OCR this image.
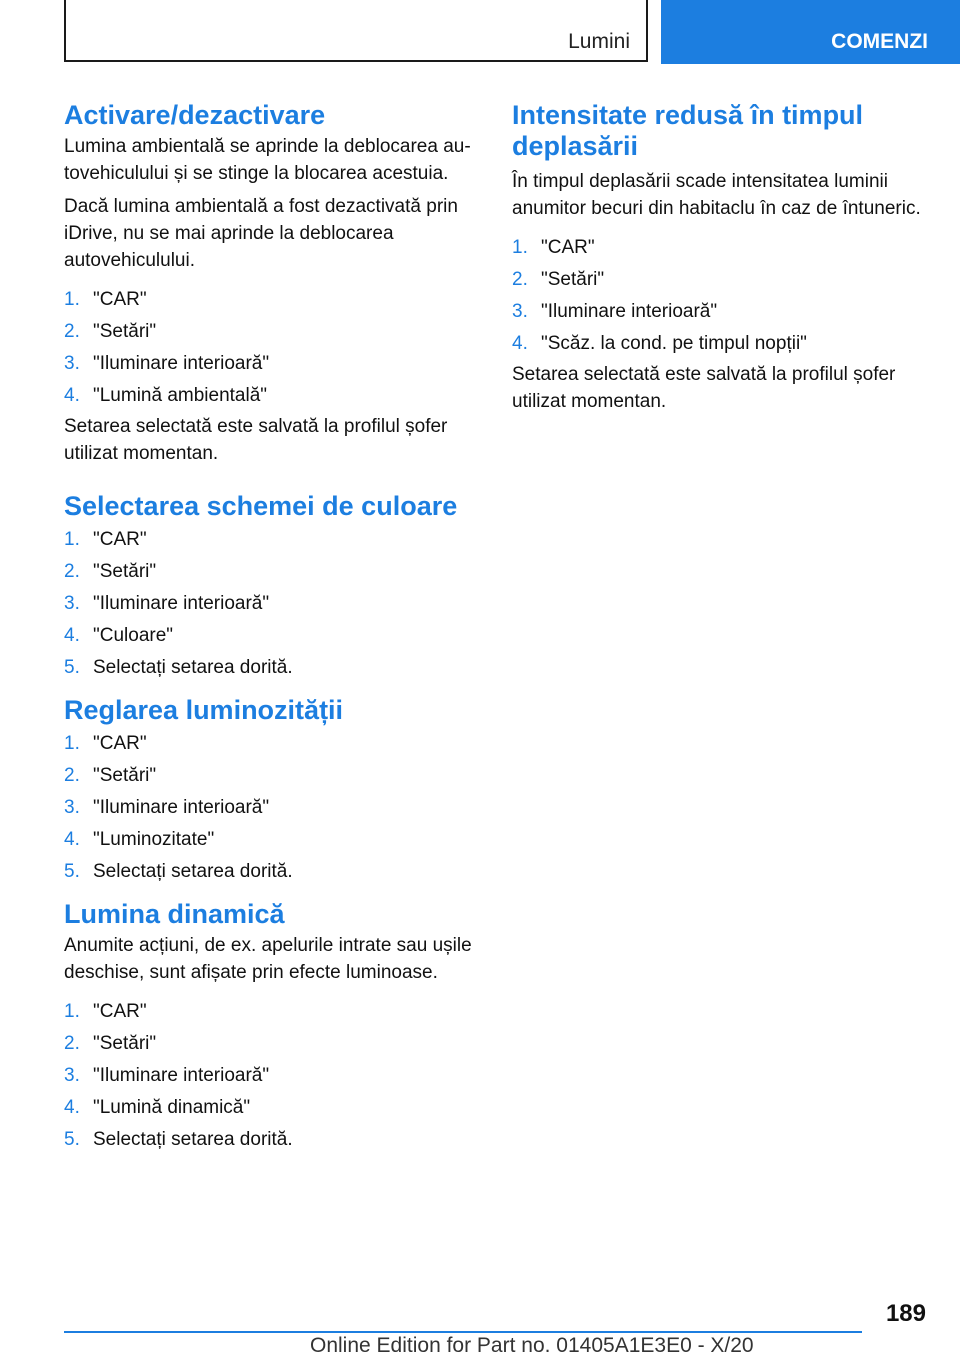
Lumini	COMENZI
Activare/dezactivare

Lumina ambientală se aprinde la deblocarea autovehiculului și se stinge la blocarea acestuia.

Dacă lumina ambientală a fost dezactivată prin iDrive, nu se mai aprinde la deblocarea autovehiculului.

1. "CAR"
2. "Setări"
3. "Iluminare interioară"
4. "Lumină ambientală"

Setarea selectată este salvată la profilul șofer utilizat momentan.

Selectarea schemei de culoare
1. "CAR"
2. "Setări"
3. "Iluminare interioară"
4. "Culoare"
5. Selectați setarea dorită.
Reglarea luminozității
1. "CAR"
2. "Setări"
3. "Iluminare interioară"
4. "Luminozitate"
5. Selectați setarea dorită.
Lumina dinamică

Anumite acțiuni, de ex. apelurile intrate sau ușile deschise, sunt afișate prin efecte luminoase.

1. "CAR"
2. "Setări"
3. "Iluminare interioară"
4. "Lumină dinamică"
5. Selectați setarea dorită.
Intensitate redusă în timpul deplasării

În timpul deplasării scade intensitatea luminii anumitor becuri din habitaclu în caz de întuneric.

1. "CAR"
2. "Setări"
3. "Iluminare interioară"
4. "Scăz. la cond. pe timpul nopții"

Setarea selectată este salvată la profilul șofer utilizat momentan.

189
Online Edition for Part no. 01405A1E3E0 - X/20
